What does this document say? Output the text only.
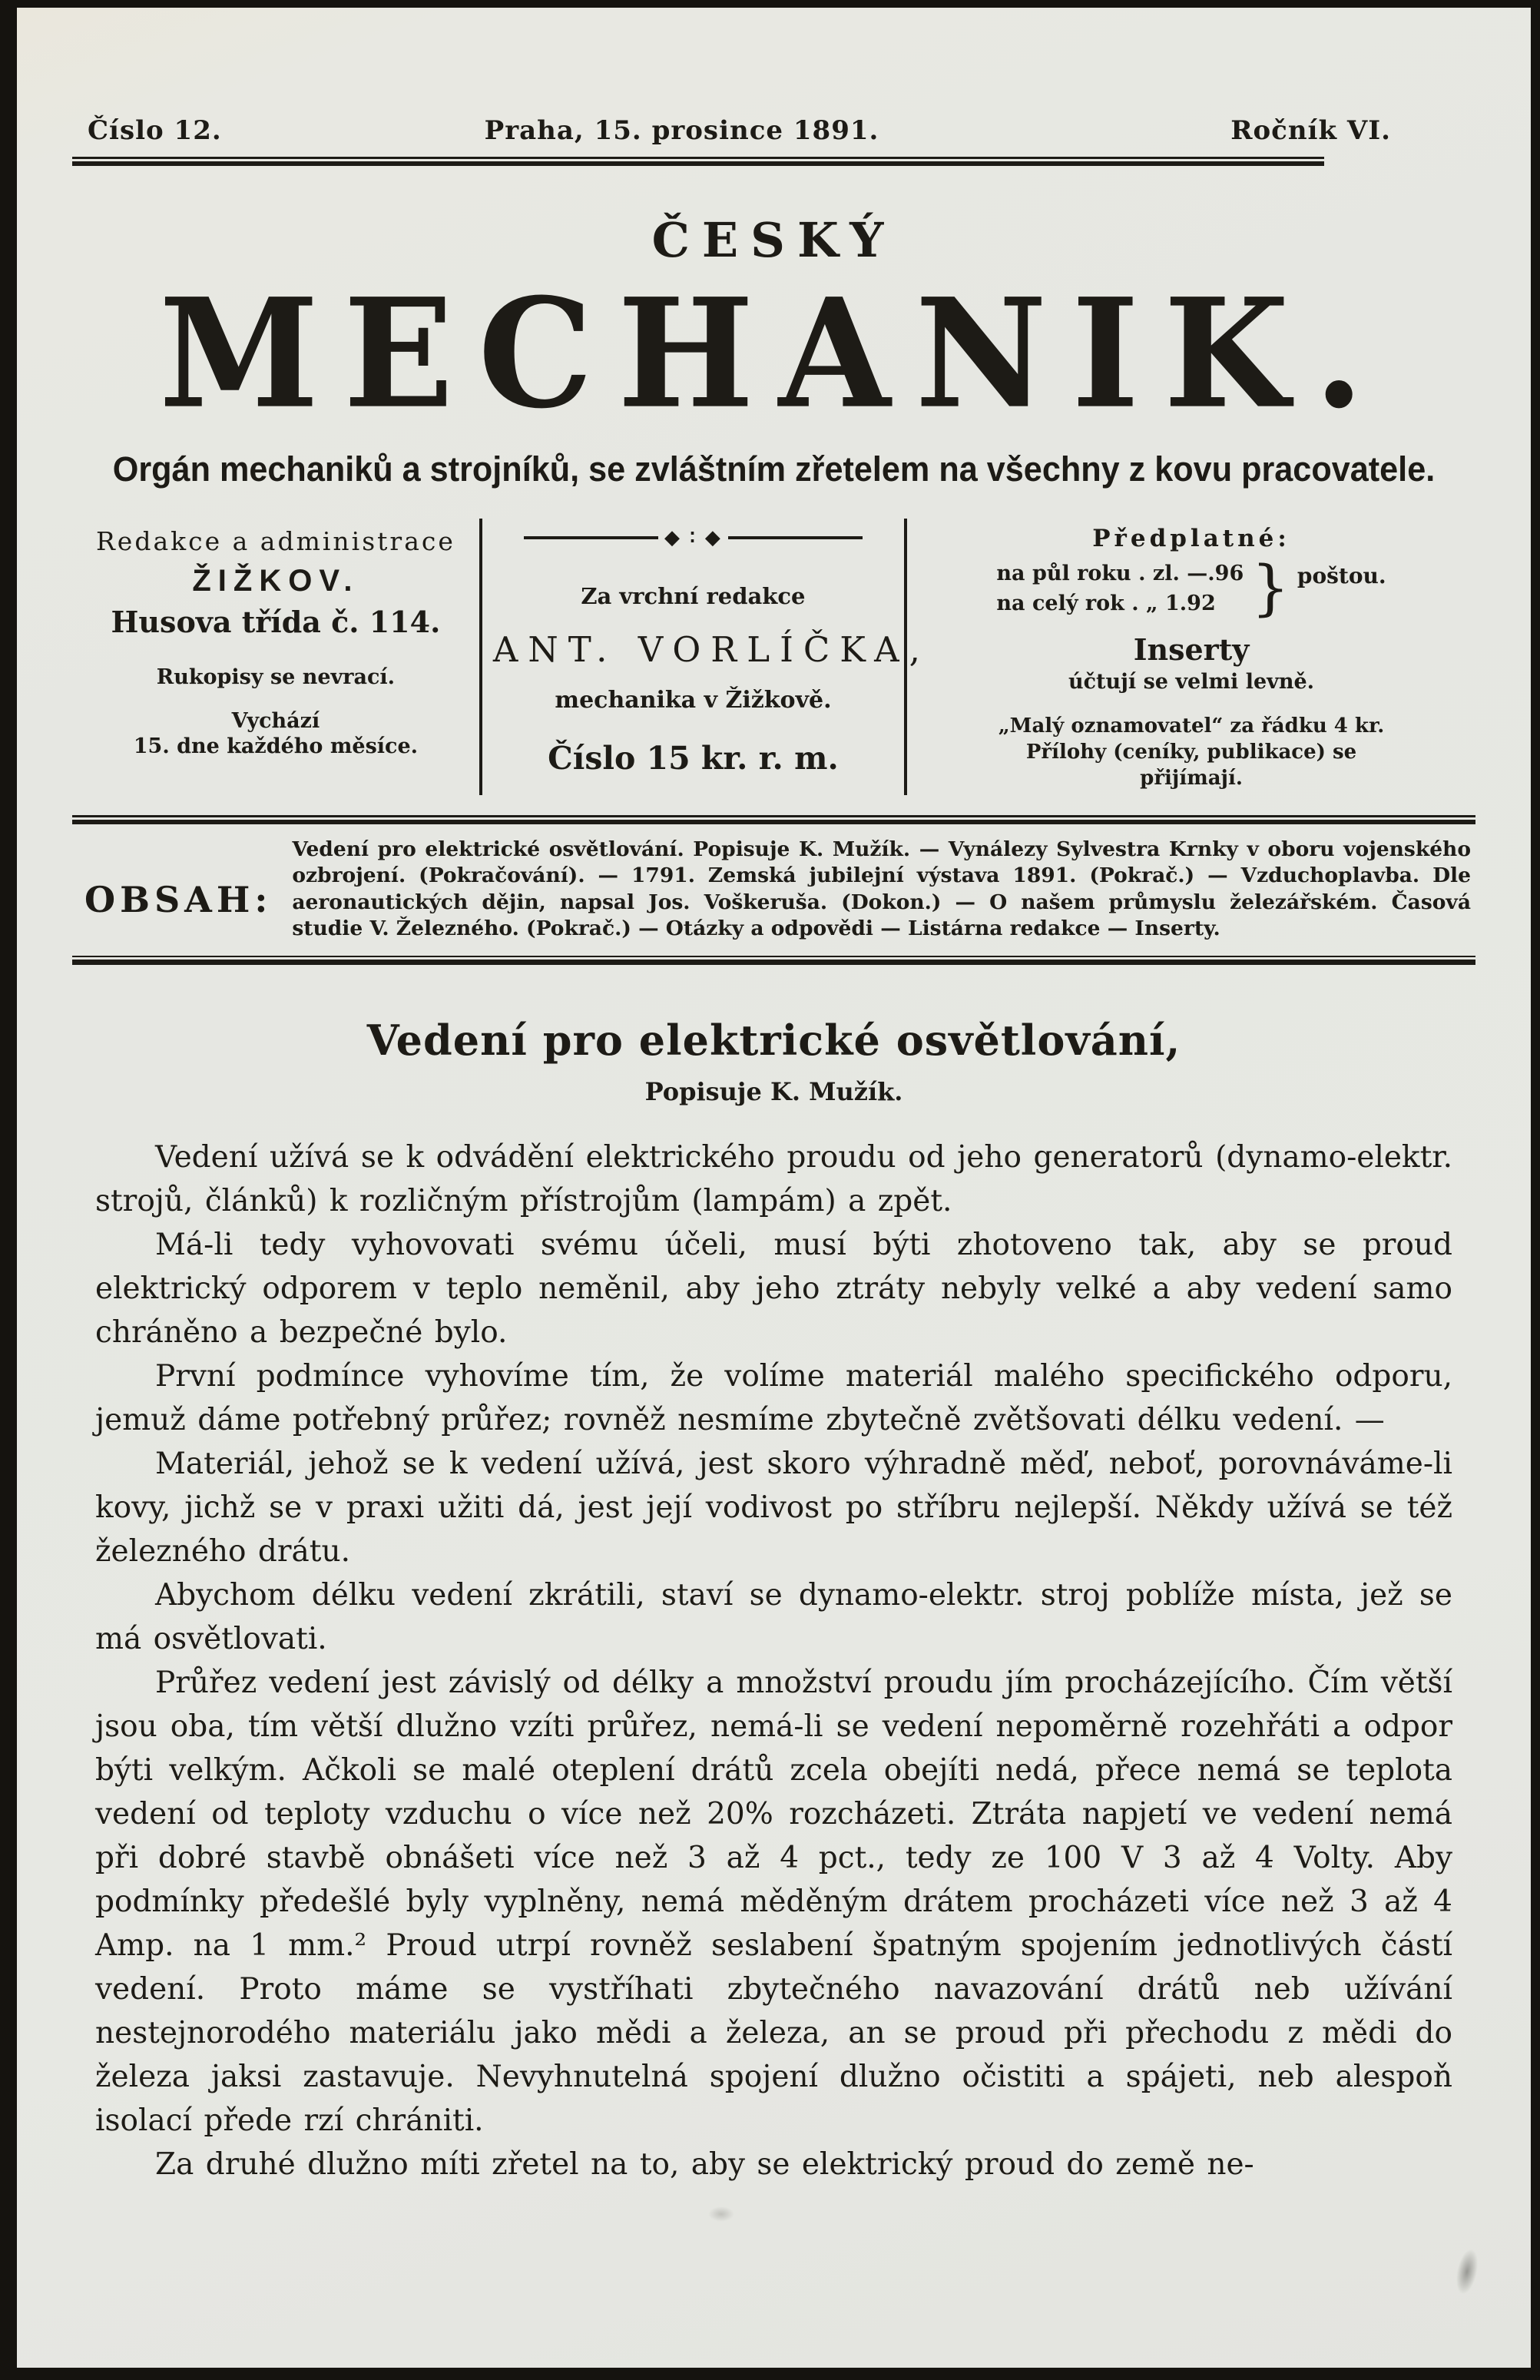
Číslo 12.	Praha, 15. prosince 1891.	Ročník VI.
ČESKÝ
MECHANIK.
Orgán mechaniků a strojníků, se zvláštním zřetelem na všechny z kovu pracovatele.
Redakce a administrace
ŽIŽKOV.
Husova třída č. 114.
Rukopisy se nevrací.
Vychází
15. dne každého měsíce.
◆ ∶ ◆
Za vrchní redakce
ANT. VORLÍČKA,
mechanika v Žižkově.
Číslo 15 kr. r. m.
Předplatné:
na půl roku . zl. —.96
na celý rok . „ 1.92 } poštou.
Inserty
účtují se velmi levně.
„Malý oznamovatel“ za řádku 4 kr.
Přílohy (ceníky, publikace) se
přijímají.
OBSAH:
Vedení pro elektrické osvětlování. Popisuje K. Mužík. — Vynálezy Sylvestra Krnky v oboru vojenského ozbrojení. (Pokračování). — 1791. Zemská jubilejní výstava 1891. (Pokrač.) — Vzduchoplavba. Dle aeronautických dějin, napsal Jos. Voškeruša. (Dokon.) — O našem průmyslu železářském. Časová studie V. Železného. (Pokrač.) — Otázky a odpovědi — Listárna redakce — Inserty.
Vedení pro elektrické osvětlování,
Popisuje K. Mužík.

Vedení užívá se k odvádění elektrického proudu od jeho generatorů (dynamo-elektr. strojů, článků) k rozličným přístrojům (lampám) a zpět.

Má-li tedy vyhovovati svému účeli, musí býti zhotoveno tak, aby se proud elektrický odporem v teplo neměnil, aby jeho ztráty nebyly velké a aby vedení samo chráněno a bezpečné bylo.

První podmínce vyhovíme tím, že volíme materiál malého specifického odporu, jemuž dáme potřebný průřez; rovněž nesmíme zbytečně zvětšovati délku vedení. —

Materiál, jehož se k vedení užívá, jest skoro výhradně měď, neboť, porovnáváme-li kovy, jichž se v praxi užiti dá, jest její vodivost po stříbru nejlepší. Někdy užívá se též železného drátu.

Abychom délku vedení zkrátili, staví se dynamo-elektr. stroj poblíže místa, jež se má osvětlovati.

Průřez vedení jest závislý od délky a množství proudu jím procházejícího. Čím větší jsou oba, tím větší dlužno vzíti průřez, nemá-li se vedení nepoměrně rozehřáti a odpor býti velkým. Ačkoli se malé oteplení drátů zcela obejíti nedá, přece nemá se teplota vedení od teploty vzduchu o více než 20% rozcházeti. Ztráta napjetí ve vedení nemá při dobré stavbě obnášeti více než 3 až 4 pct., tedy ze 100 V 3 až 4 Volty. Aby podmínky předešlé byly vyplněny, nemá měděným drátem procházeti více než 3 až 4 Amp. na 1 mm.² Proud utrpí rovněž seslabení špatným spojením jednotlivých částí vedení. Proto máme se vystříhati zbytečného navazování drátů neb užívání nestejnorodého materiálu jako mědi a železa, an se proud při přechodu z mědi do železa jaksi zastavuje. Nevyhnutelná spojení dlužno očistiti a spájeti, neb alespoň isolací přede rzí chrániti.

Za druhé dlužno míti zřetel na to, aby se elektrický proud do země ne-
